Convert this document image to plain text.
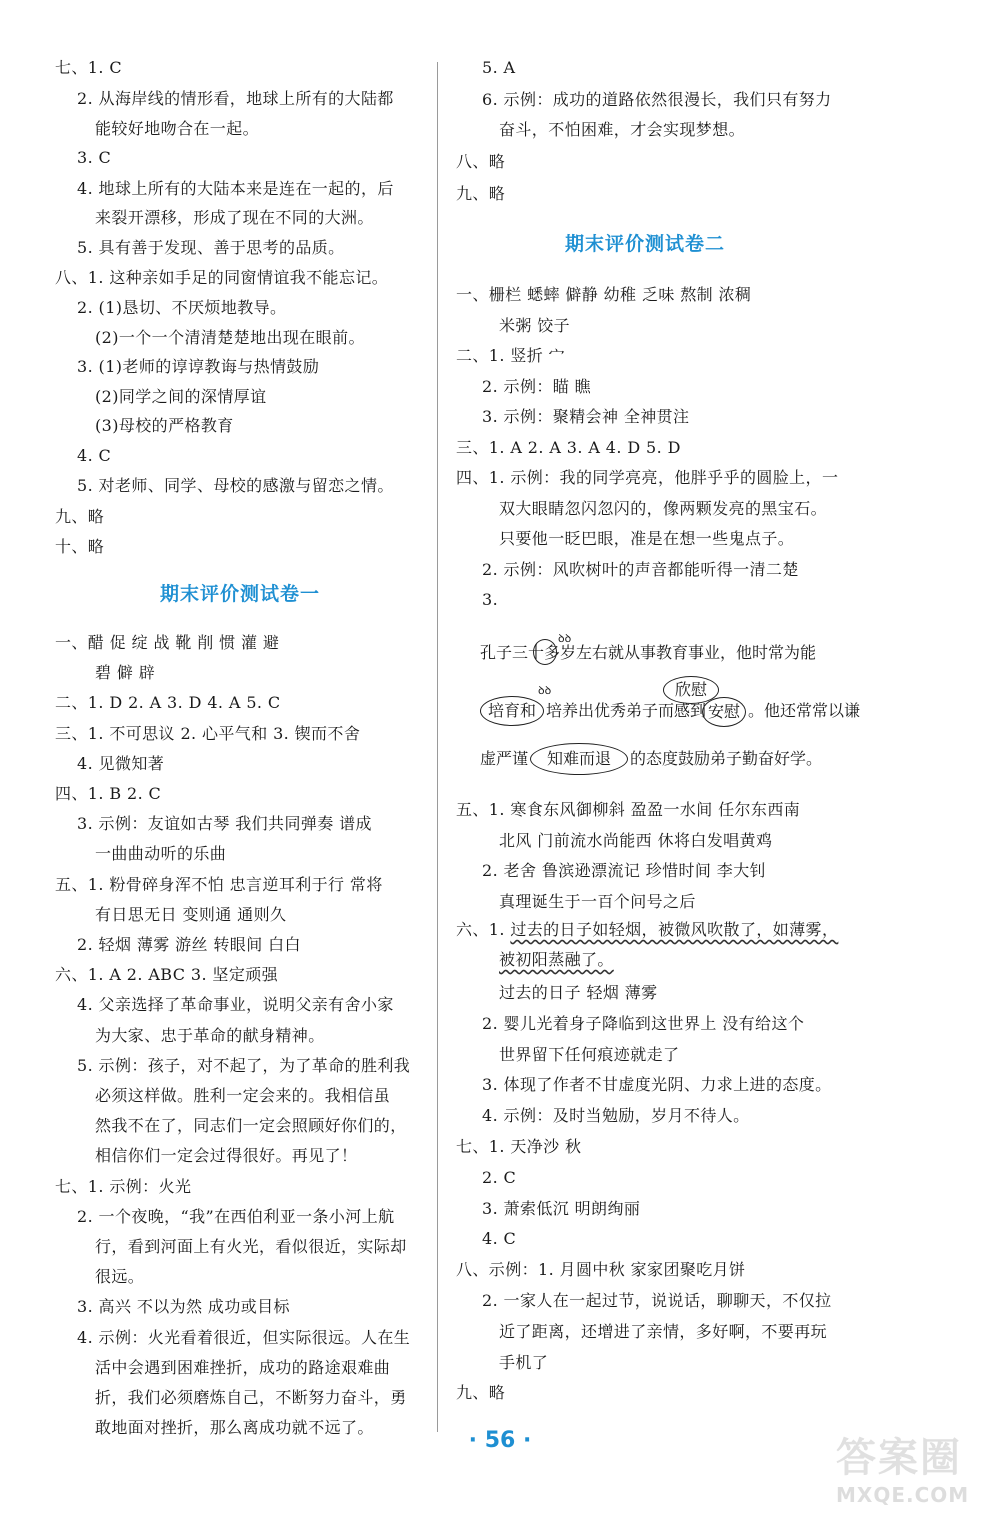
七、1. C
2. 从海岸线的情形看，地球上所有的大陆都
能较好地吻合在一起。
3. C
4. 地球上所有的大陆本来是连在一起的，后
来裂开漂移，形成了现在不同的大洲。
5. 具有善于发现、善于思考的品质。
八、1. 这种亲如手足的同窗情谊我不能忘记。
2. (1)恳切、不厌烦地教导。
(2)一个一个清清楚楚地出现在眼前。
3. (1)老师的谆谆教诲与热情鼓励
(2)同学之间的深情厚谊
(3)母校的严格教育
4. C
5. 对老师、同学、母校的感激与留恋之情。
九、略
十、略
期末评价测试卷一
一、醋 促 绽 战 靴 削 惯 灌 避
碧 僻 辟
二、1. D 2. A 3. D 4. A 5. C
三、1. 不可思议 2. 心平气和 3. 锲而不舍
4. 见微知著
四、1. B 2. C
3. 示例：友谊如古琴 我们共同弹奏 谱成
一曲曲动听的乐曲
五、1. 粉骨碎身浑不怕 忠言逆耳利于行 常将
有日思无日 变则通 通则久
2. 轻烟 薄雾 游丝 转眼间 白白
六、1. A 2. ABC 3. 坚定顽强
4. 父亲选择了革命事业，说明父亲有舍小家
为大家、忠于革命的献身精神。
5. 示例：孩子，对不起了，为了革命的胜利我
必须这样做。胜利一定会来的。我相信虽
然我不在了，同志们一定会照顾好你们的，
相信你们一定会过得很好。再见了！
七、1. 示例：火光
2. 一个夜晚，“我”在西伯利亚一条小河上航
行，看到河面上有火光，看似很近，实际却
很远。
3. 高兴 不以为然 成功或目标
4. 示例：火光看着很近，但实际很远。人在生
活中会遇到困难挫折，成功的路途艰难曲
折，我们必须磨炼自己，不断努力奋斗，勇
敢地面对挫折，那么离成功就不远了。
5. A
6. 示例：成功的道路依然很漫长，我们只有努力
奋斗，不怕困难，才会实现梦想。
八、略
九、略
期末评价测试卷二
一、栅栏 蟋蟀 僻静 幼稚 乏味 熬制 浓稠
米粥 饺子
二、1. 竖折 宀
2. 示例：瞄 瞧
3. 示例：聚精会神 全神贯注
三、1. A 2. A 3. A 4. D 5. D
四、1. 示例：我的同学亮亮，他胖乎乎的圆脸上，一
双大眼睛忽闪忽闪的，像两颗发亮的黑宝石。
只要他一眨巴眼，准是在想一些鬼点子。
2. 示例：风吹树叶的声音都能听得一清二楚
3.
五、1. 寒食东风御柳斜 盈盈一水间 任尔东西南
北风 门前流水尚能西 休将白发唱黄鸡
2. 老舍 鲁滨逊漂流记 珍惜时间 李大钊
真理诞生于一百个问号之后
六、1. 过去的日子如轻烟，被微风吹散了，如薄雾，
被初阳蒸融了。
过去的日子 轻烟 薄雾
2. 婴儿光着身子降临到这世界上 没有给这个
世界留下任何痕迹就走了
3. 体现了作者不甘虚度光阴、力求上进的态度。
4. 示例：及时当勉励，岁月不待人。
七、1. 天净沙 秋
2. C
3. 萧索低沉 明朗绚丽
4. C
八、示例：1. 月圆中秋 家家团聚吃月饼
2. 一家人在一起过节，说说话，聊聊天，不仅拉
近了距离，还增进了亲情，多好啊，不要再玩
手机了
九、略
孔子三十多岁左右就从事教育事业，他时常为能
ꝺꝺ
欣慰
培育和
ꝺꝺ
培养出优秀弟子而感到 安慰 。他还常常以谦
虚严谨	知难而退	的态度鼓励弟子勤奋好学。
· 56 ·	答案圈
MXQE.COM
